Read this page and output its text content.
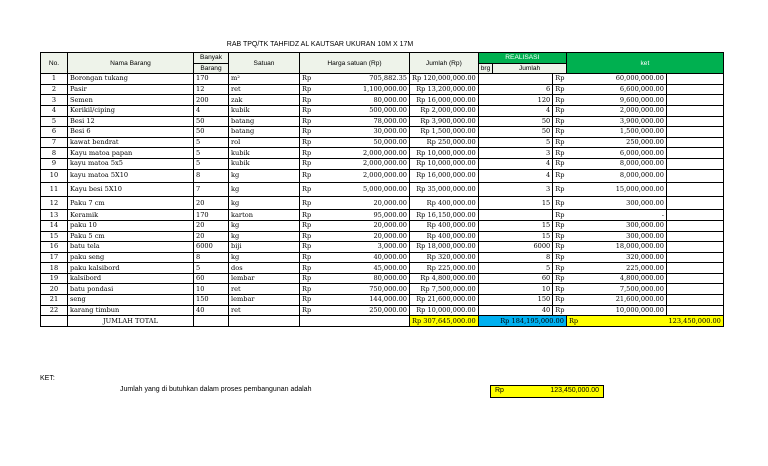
RAB TPQ/TK TAHFIDZ AL KAUTSAR UKURAN 10M X 17M
No.	Nama Barang	Banyak	Satuan	Harga satuan (Rp)		Jumlah (Rp)	REALISASI			ket	
		Barang					brg	Jumlah			
1	Borongan tukang	170	m²	Rp	705,882.35	Rp 120,000,000.00			Rp	60,000,000.00	
2	Pasir	12	ret	Rp	1,100,000.00	Rp 13,200,000.00	6		Rp	6,600,000.00	
3	Semen	200	zak	Rp	80,000.00	Rp 16,000,000.00	120		Rp	9,600,000.00	
4	Kerikil/ciping	4	kubik	Rp	500,000.00	Rp 2,000,000.00	4		Rp	2,000,000.00	
5	Besi 12	50	batang	Rp	78,000.00	Rp 3,900,000.00	50		Rp	3,900,000.00	
6	Besi 6	50	batang	Rp	30,000.00	Rp 1,500,000.00	50		Rp	1,500,000.00	
7	kawat bendrat	5	rol	Rp	50,000.00	Rp 250,000.00	5		Rp	250,000.00	
8	Kayu matoa papan	5	kubik	Rp	2,000,000.00	Rp 10,000,000.00	3		Rp	6,000,000.00	
9	kayu matoa 5x5	5	kubik	Rp	2,000,000.00	Rp 10,000,000.00	4		Rp	8,000,000.00	
10	kayu matoa 5X10	8	kg	Rp	2,000,000.00	Rp 16,000,000.00	4		Rp	8,000,000.00	
11	Kayu besi 5X10	7	kg	Rp	5,000,000.00	Rp 35,000,000.00	3		Rp	15,000,000.00	
12	Paku 7 cm	20	kg	Rp	20,000.00	Rp 400,000.00	15		Rp	300,000.00	
13	Keramik	170	karton	Rp	95,000.00	Rp 16,150,000.00			Rp	-	
14	paku 10	20	kg	Rp	20,000.00	Rp 400,000.00	15		Rp	300,000.00	
15	Paku 5 cm	20	kg	Rp	20,000.00	Rp 400,000.00	15		Rp	300,000.00	
16	batu tela	6000	biji	Rp	3,000.00	Rp 18,000,000.00	6000		Rp	18,000,000.00	
17	paku seng	8	kg	Rp	40,000.00	Rp 320,000.00	8		Rp	320,000.00	
18	paku kalsibord	5	dos	Rp	45,000.00	Rp 225,000.00	5		Rp	225,000.00	
19	kalsibord	60	lembar	Rp	80,000.00	Rp 4,800,000.00	60		Rp	4,800,000.00	
20	batu pondasi	10	ret	Rp	750,000.00	Rp 7,500,000.00	10		Rp	7,500,000.00	
21	seng	150	lembar	Rp	144,000.00	Rp 21,600,000.00	150		Rp	21,600,000.00	
22	karang timbun	40	ret	Rp	250,000.00	Rp 10,000,000.00	40		Rp	10,000,000.00	
	JUMLAH TOTAL					Rp 307,645,000.00	Rp 184,195,000.00			Rp	123,450,000.00
KET:
Jumlah yang di butuhkan dalam proses pembangunan adalah	Rp	123,450,000.00
